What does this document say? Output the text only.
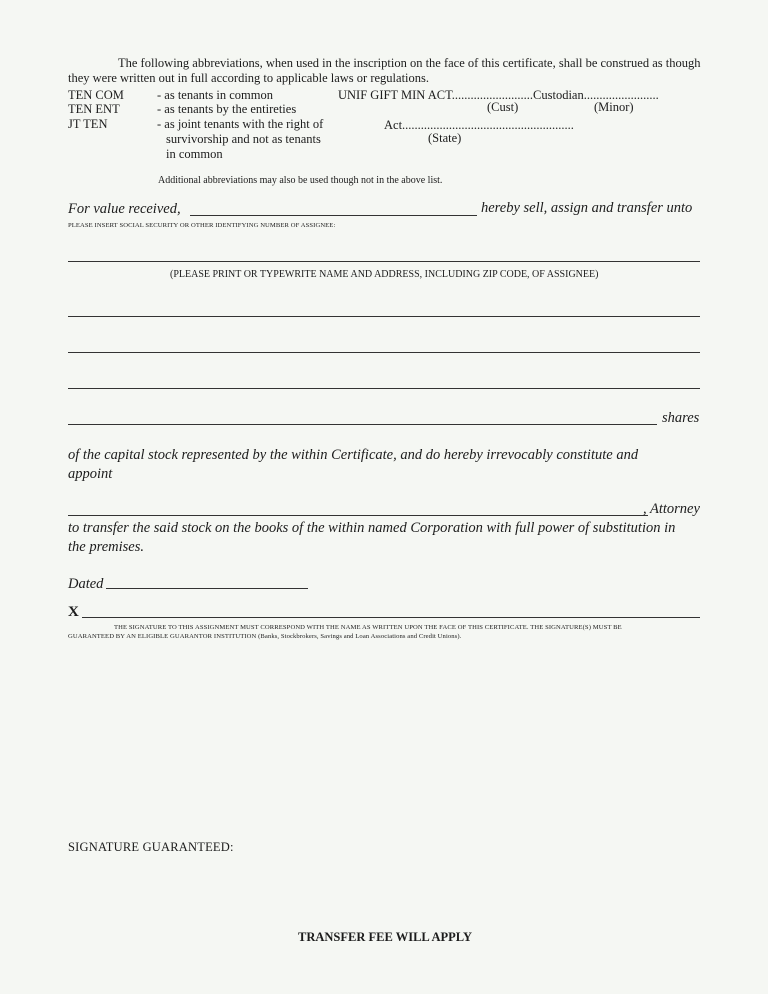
The following abbreviations, when used in the inscription on the face of this certificate, shall be construed as though
they were written out in full according to applicable laws or regulations.
TEN COM	- as tenants in common
TEN ENT	- as tenants by the entireties
JT TEN	- as joint tenants with the right of
survivorship and not as tenants
in common
UNIF GIFT MIN ACT..........................Custodian........................
(Cust)	(Minor)
Act.......................................................
(State)
Additional abbreviations may also be used though not in the above list.
For value received,	hereby sell, assign and transfer unto
PLEASE INSERT SOCIAL SECURITY OR OTHER IDENTIFYING NUMBER OF ASSIGNEE:
(PLEASE PRINT OR TYPEWRITE NAME AND ADDRESS, INCLUDING ZIP CODE, OF ASSIGNEE)
shares
of the capital stock represented by the within Certificate, and do hereby irrevocably constitute and
appoint
, Attorney
to transfer the said stock on the books of the within named Corporation with full power of substitution in
the premises.
Dated
X
THE SIGNATURE TO THIS ASSIGNMENT MUST CORRESPOND WITH THE NAME AS WRITTEN UPON THE FACE OF THIS CERTIFICATE. THE SIGNATURE(S) MUST BE
GUARANTEED BY AN ELIGIBLE GUARANTOR INSTITUTION (Banks, Stockbrokers, Savings and Loan Associations and Credit Unions).
SIGNATURE GUARANTEED:
TRANSFER FEE WILL APPLY
